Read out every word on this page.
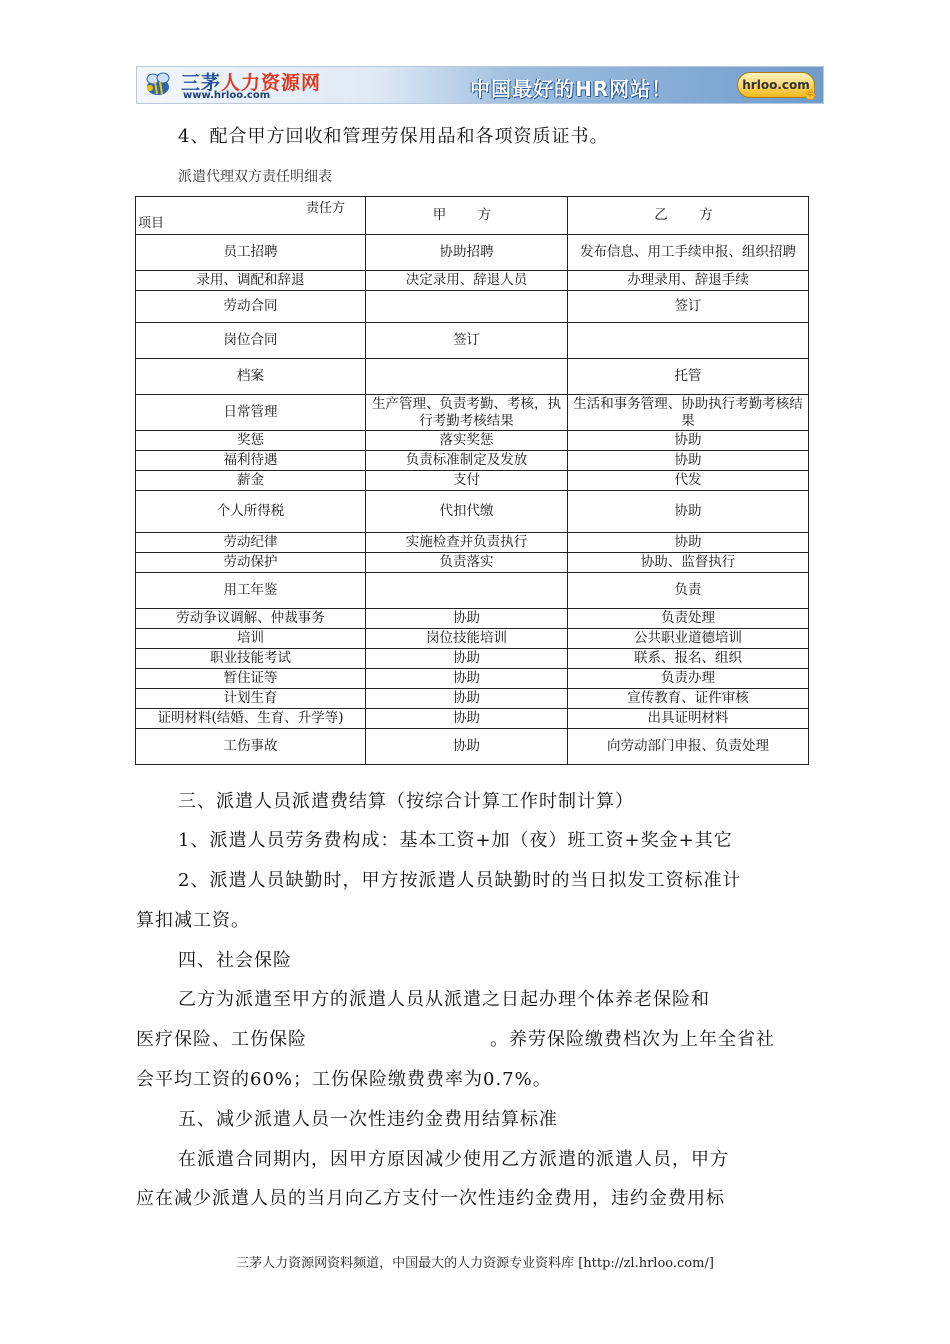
三茅人力资源网
www.hrloo.com	中国最好的HR网站！	hrloo.com
☝
4、配合甲方回收和管理劳保用品和各项资质证书。
派遣代理双方责任明细表
责任方
项目	甲　方	乙　方
员工招聘	协助招聘	发布信息、用工手续申报、组织招聘
录用、调配和辞退	决定录用、辞退人员	办理录用、辞退手续
劳动合同		签订
岗位合同	签订	
档案		托管
日常管理	生产管理、负责考勤、考核，执行考勤考核结果	生活和事务管理、协助执行考勤考核结果
奖惩	落实奖惩	协助
福利待遇	负责标准制定及发放	协助
薪金	支付	代发
个人所得税	代扣代缴	协助
劳动纪律	实施检查并负责执行	协助
劳动保护	负责落实	协助、监督执行
用工年鉴		负责
劳动争议调解、仲裁事务	协助	负责处理
培训	岗位技能培训	公共职业道德培训
职业技能考试	协助	联系、报名、组织
暂住证等	协助	负责办理
计划生育	协助	宣传教育、证件审核
证明材料(结婚、生育、升学等)	协助	出具证明材料
工伤事故	协助	向劳动部门申报、负责处理
三、派遣人员派遣费结算（按综合计算工作时制计算）
1、派遣人员劳务费构成：基本工资+加（夜）班工资+奖金+其它
2、派遣人员缺勤时，甲方按派遣人员缺勤时的当日拟发工资标准计
算扣减工资。
四、社会保险
乙方为派遣至甲方的派遣人员从派遣之日起办理个体养老保险和
医疗保险、工伤保险	。养劳保险缴费档次为上年全省社
会平均工资的60%；工伤保险缴费费率为0.7%。
五、减少派遣人员一次性违约金费用结算标准
在派遣合同期内，因甲方原因减少使用乙方派遣的派遣人员，甲方
应在减少派遣人员的当月向乙方支付一次性违约金费用，违约金费用标
三茅人力资源网资料频道，中国最大的人力资源专业资料库 [http://zl.hrloo.com/]
